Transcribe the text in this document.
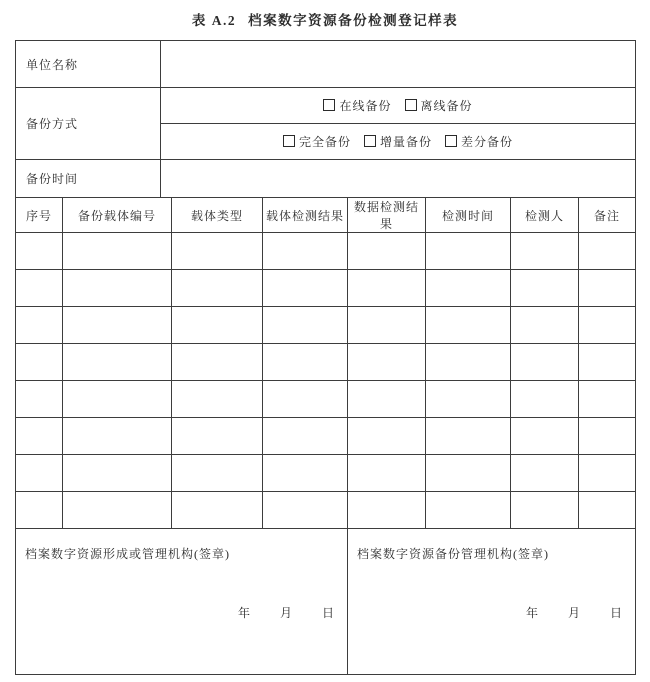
表 A.2 档案数字资源备份检测登记样表
单位名称	
备份方式	在线备份 离线备份
	完全备份 增量备份 差分备份
备份时间	
序号	备份载体编号	载体类型	载体检测结果	数据检测结果	检测时间	检测人	备注

档案数字资源形成或管理机构(签章)
年 月 日

档案数字资源备份管理机构(签章)
年 月 日
